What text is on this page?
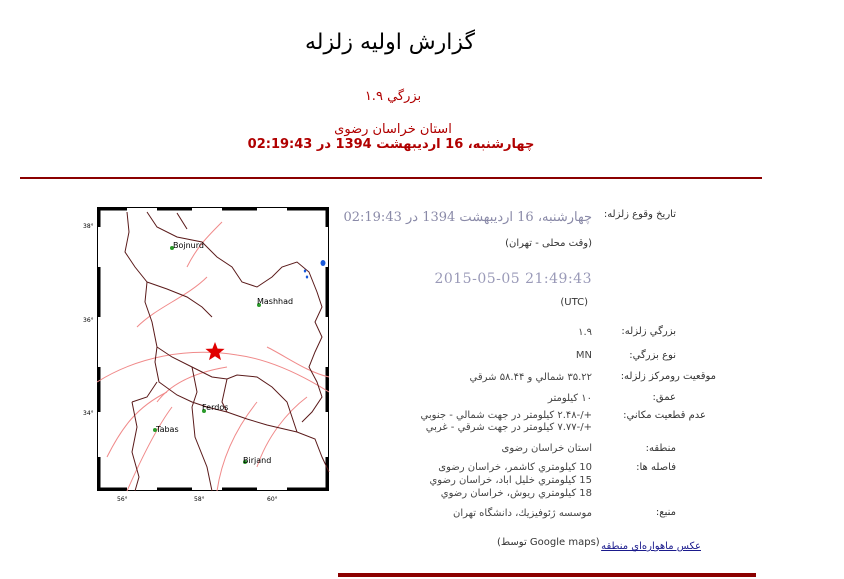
گزارش اوليه زلزله
بزرگي ۱.۹
استان خراسان رضوی
چهارشنبه، 16 اردیبهشت 1394 در 02:19:43
Bojnurd
Mashhad
Ferdos
Tabas
Birjand
38°
36°
34°
56°	58°	60°
تاریخ وقوع زلزله:
چهارشنبه، 16 اردیبهشت 1394 در 02:19:43
(وقت محلی - تهران)
2015-05-05 21:49:43
(UTC)
بزرگي زلزله:
۱.۹
نوع بزرگي:
MN
موقعيت رومركز زلزله:
۳۵.۲۲ شمالي و ۵۸.۴۴ شرقي
عمق:
۱۰ کیلومتر
عدم قطعيت مكاني:
+/-۲.۴۸ کیلومتر در جهت شمالي - جنوبي
+/-۷.۷۷ کیلومتر در جهت شرقي - غربي
منطقه:
استان خراسان رضوی
فاصله ها:
10 كيلومتري كاشمر، خراسان رضوی
15 كيلومتري خليل اباد، خراسان رضوي
18 كيلومتري ريوش، خراسان رضوي
منبع:
موسسه ژئوفيزيك، دانشگاه تهران
عكس ماهواره‌اي منطقه
(توسط Google maps)
